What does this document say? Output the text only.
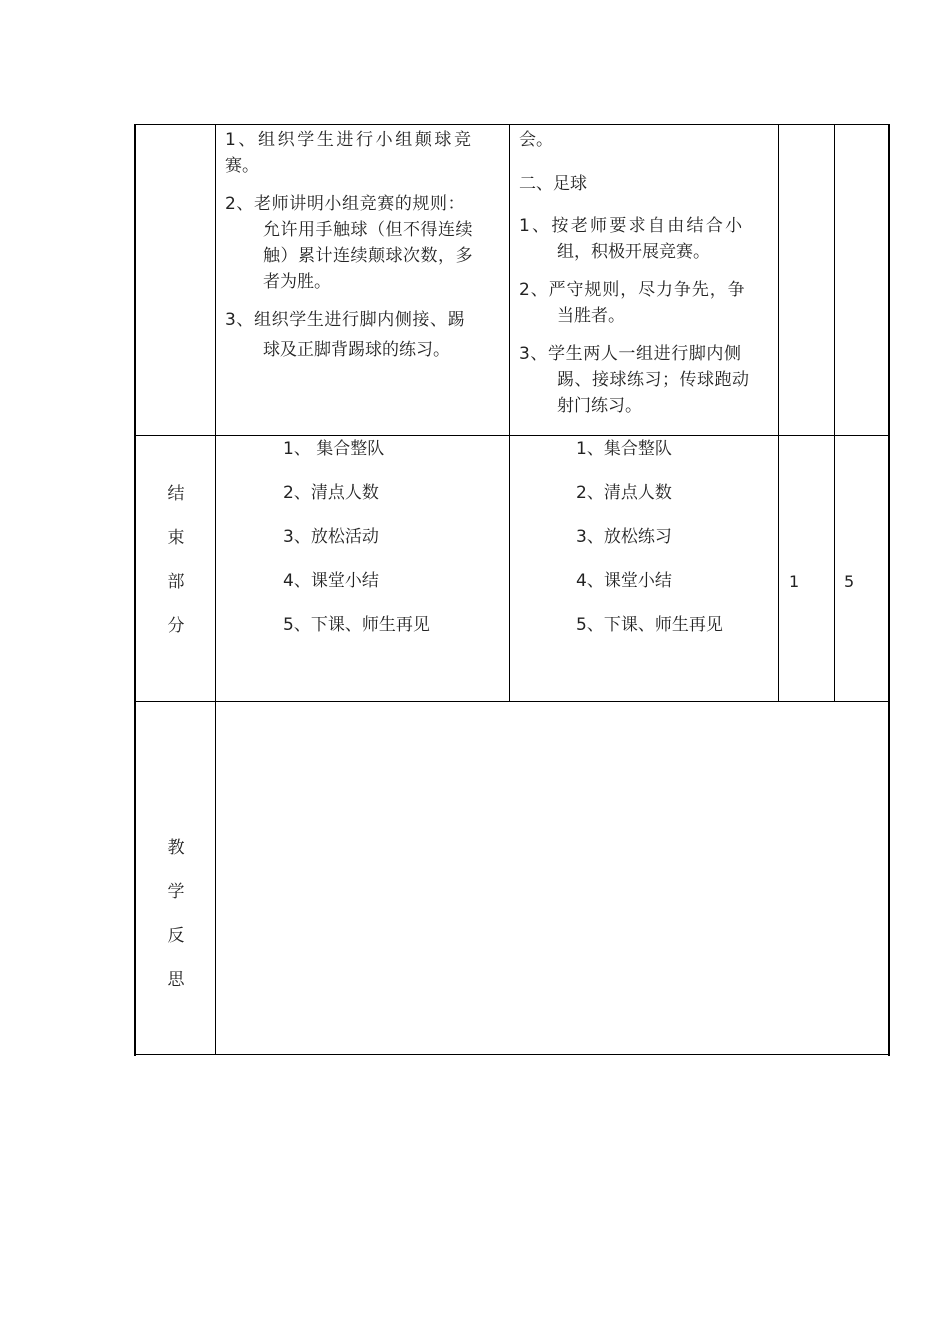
1、组织学生进行小组颠球竞
赛。

2、老师讲明小组竞赛的规则：
允许用手触球（但不得连续
触）累计连续颠球次数，多
者为胜。

3、组织学生进行脚内侧接、踢
球及正脚背踢球的练习。

会。

二、足球

1、按老师要求自由结合小
组，积极开展竞赛。

2、严守规则，尽力争先，争
当胜者。

3、学生两人一组进行脚内侧
踢、接球练习；传球跑动
射门练习。

结
束
部
分

1、 集合整队

2、清点人数

3、放松活动

4、课堂小结

5、下课、师生再见

1、集合整队

2、清点人数

3、放松练习

4、课堂小结

5、下课、师生再见

1	5
教
学
反
思
